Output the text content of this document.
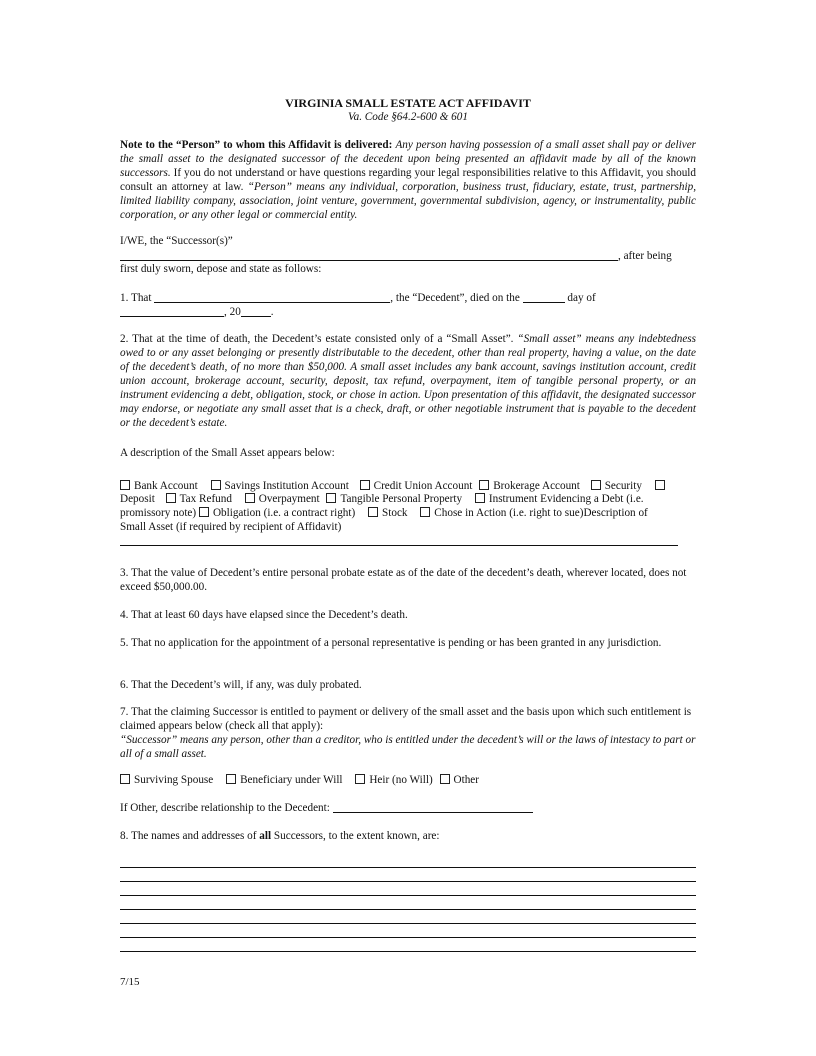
VIRGINIA SMALL ESTATE ACT AFFIDAVIT
Va. Code §64.2-600 & 601
Note to the “Person” to whom this Affidavit is delivered: Any person having possession of a small asset shall pay or deliver the small asset to the designated successor of the decedent upon being presented an affidavit made by all of the known successors. If you do not understand or have questions regarding your legal responsibilities relative to this Affidavit, you should consult an attorney at law. “Person” means any individual, corporation, business trust, fiduciary, estate, trust, partnership, limited liability company, association, joint venture, government, governmental subdivision, agency, or instrumentality, public corporation, or any other legal or commercial entity.
I/WE, the “Successor(s)”
, after being
first duly sworn, depose and state as follows:
1. That	, the “Decedent”, died on the	day of
, 20	.
2. That at the time of death, the Decedent’s estate consisted only of a “Small Asset”. “Small asset” means any indebtedness owed to or any asset belonging or presently distributable to the decedent, other than real property, having a value, on the date of the decedent’s death, of no more than $50,000. A small asset includes any bank account, savings institution account, credit union account, brokerage account, security, deposit, tax refund, overpayment, item of tangible personal property, or an instrument evidencing a debt, obligation, stock, or chose in action. Upon presentation of this affidavit, the designated successor may endorse, or negotiate any small asset that is a check, draft, or other negotiable instrument that is payable to the decedent or the decedent’s estate.
A description of the Small Asset appears below:
Bank Account Savings Institution Account Credit Union Account Brokerage Account Security
Deposit Tax Refund Overpayment Tangible Personal Property Instrument Evidencing a Debt (i.e.
promissory note) Obligation (i.e. a contract right) Stock Chose in Action (i.e. right to sue)Description of
Small Asset (if required by recipient of Affidavit)
3. That the value of Decedent’s entire personal probate estate as of the date of the decedent’s death, wherever located, does not exceed $50,000.00.
4. That at least 60 days have elapsed since the Decedent’s death.
5. That no application for the appointment of a personal representative is pending or has been granted in any jurisdiction.
6. That the Decedent’s will, if any, was duly probated.
7. That the claiming Successor is entitled to payment or delivery of the small asset and the basis upon which such entitlement is claimed appears below (check all that apply):
“Successor” means any person, other than a creditor, who is entitled under the decedent’s will or the laws of intestacy to part or all of a small asset.
Surviving Spouse Beneficiary under Will Heir (no Will) Other
If Other, describe relationship to the Decedent:
8. The names and addresses of all Successors, to the extent known, are:
7/15
